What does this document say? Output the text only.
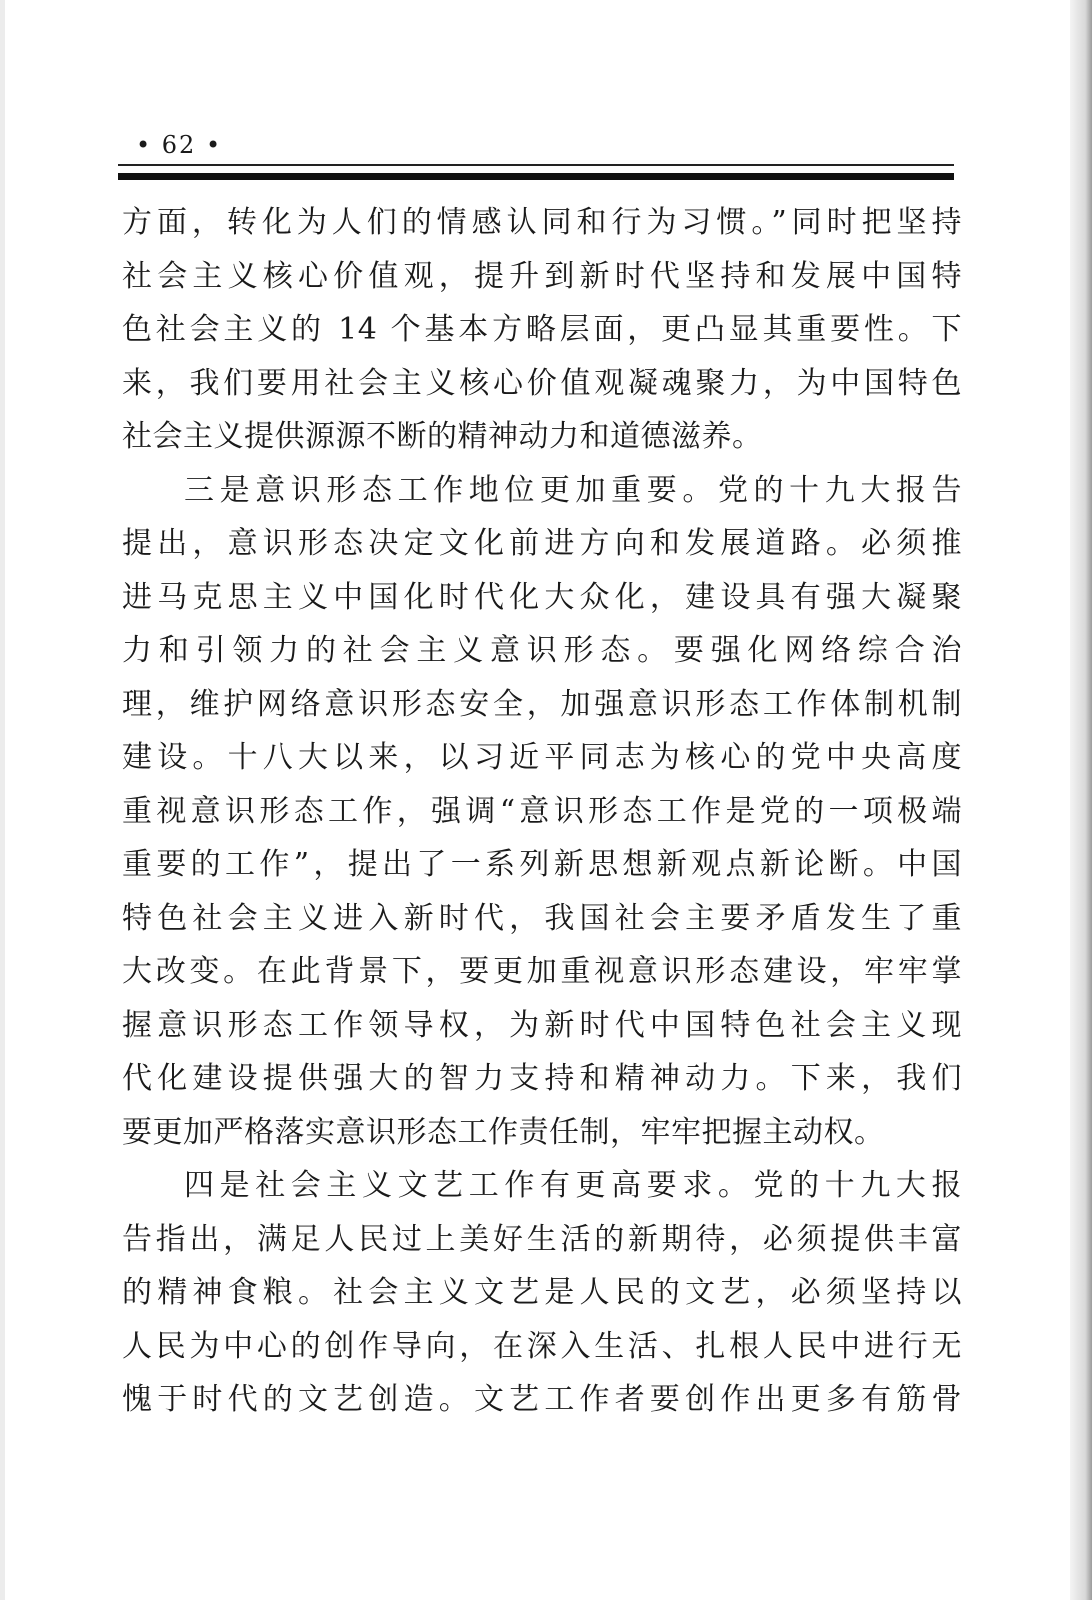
• 62 •
方面，转化为人们的情感认同和行为习惯。”同时把坚持
社会主义核心价值观，提升到新时代坚持和发展中国特
色社会主义的 14 个基本方略层面，更凸显其重要性。下
来，我们要用社会主义核心价值观凝魂聚力，为中国特色
社会主义提供源源不断的精神动力和道德滋养。
三是意识形态工作地位更加重要。党的十九大报告
提出，意识形态决定文化前进方向和发展道路。必须推
进马克思主义中国化时代化大众化，建设具有强大凝聚
力和引领力的社会主义意识形态。要强化网络综合治
理，维护网络意识形态安全，加强意识形态工作体制机制
建设。十八大以来，以习近平同志为核心的党中央高度
重视意识形态工作，强调“意识形态工作是党的一项极端
重要的工作”，提出了一系列新思想新观点新论断。中国
特色社会主义进入新时代，我国社会主要矛盾发生了重
大改变。在此背景下，要更加重视意识形态建设，牢牢掌
握意识形态工作领导权，为新时代中国特色社会主义现
代化建设提供强大的智力支持和精神动力。下来，我们
要更加严格落实意识形态工作责任制，牢牢把握主动权。
四是社会主义文艺工作有更高要求。党的十九大报
告指出，满足人民过上美好生活的新期待，必须提供丰富
的精神食粮。社会主义文艺是人民的文艺，必须坚持以
人民为中心的创作导向，在深入生活、扎根人民中进行无
愧于时代的文艺创造。文艺工作者要创作出更多有筋骨
